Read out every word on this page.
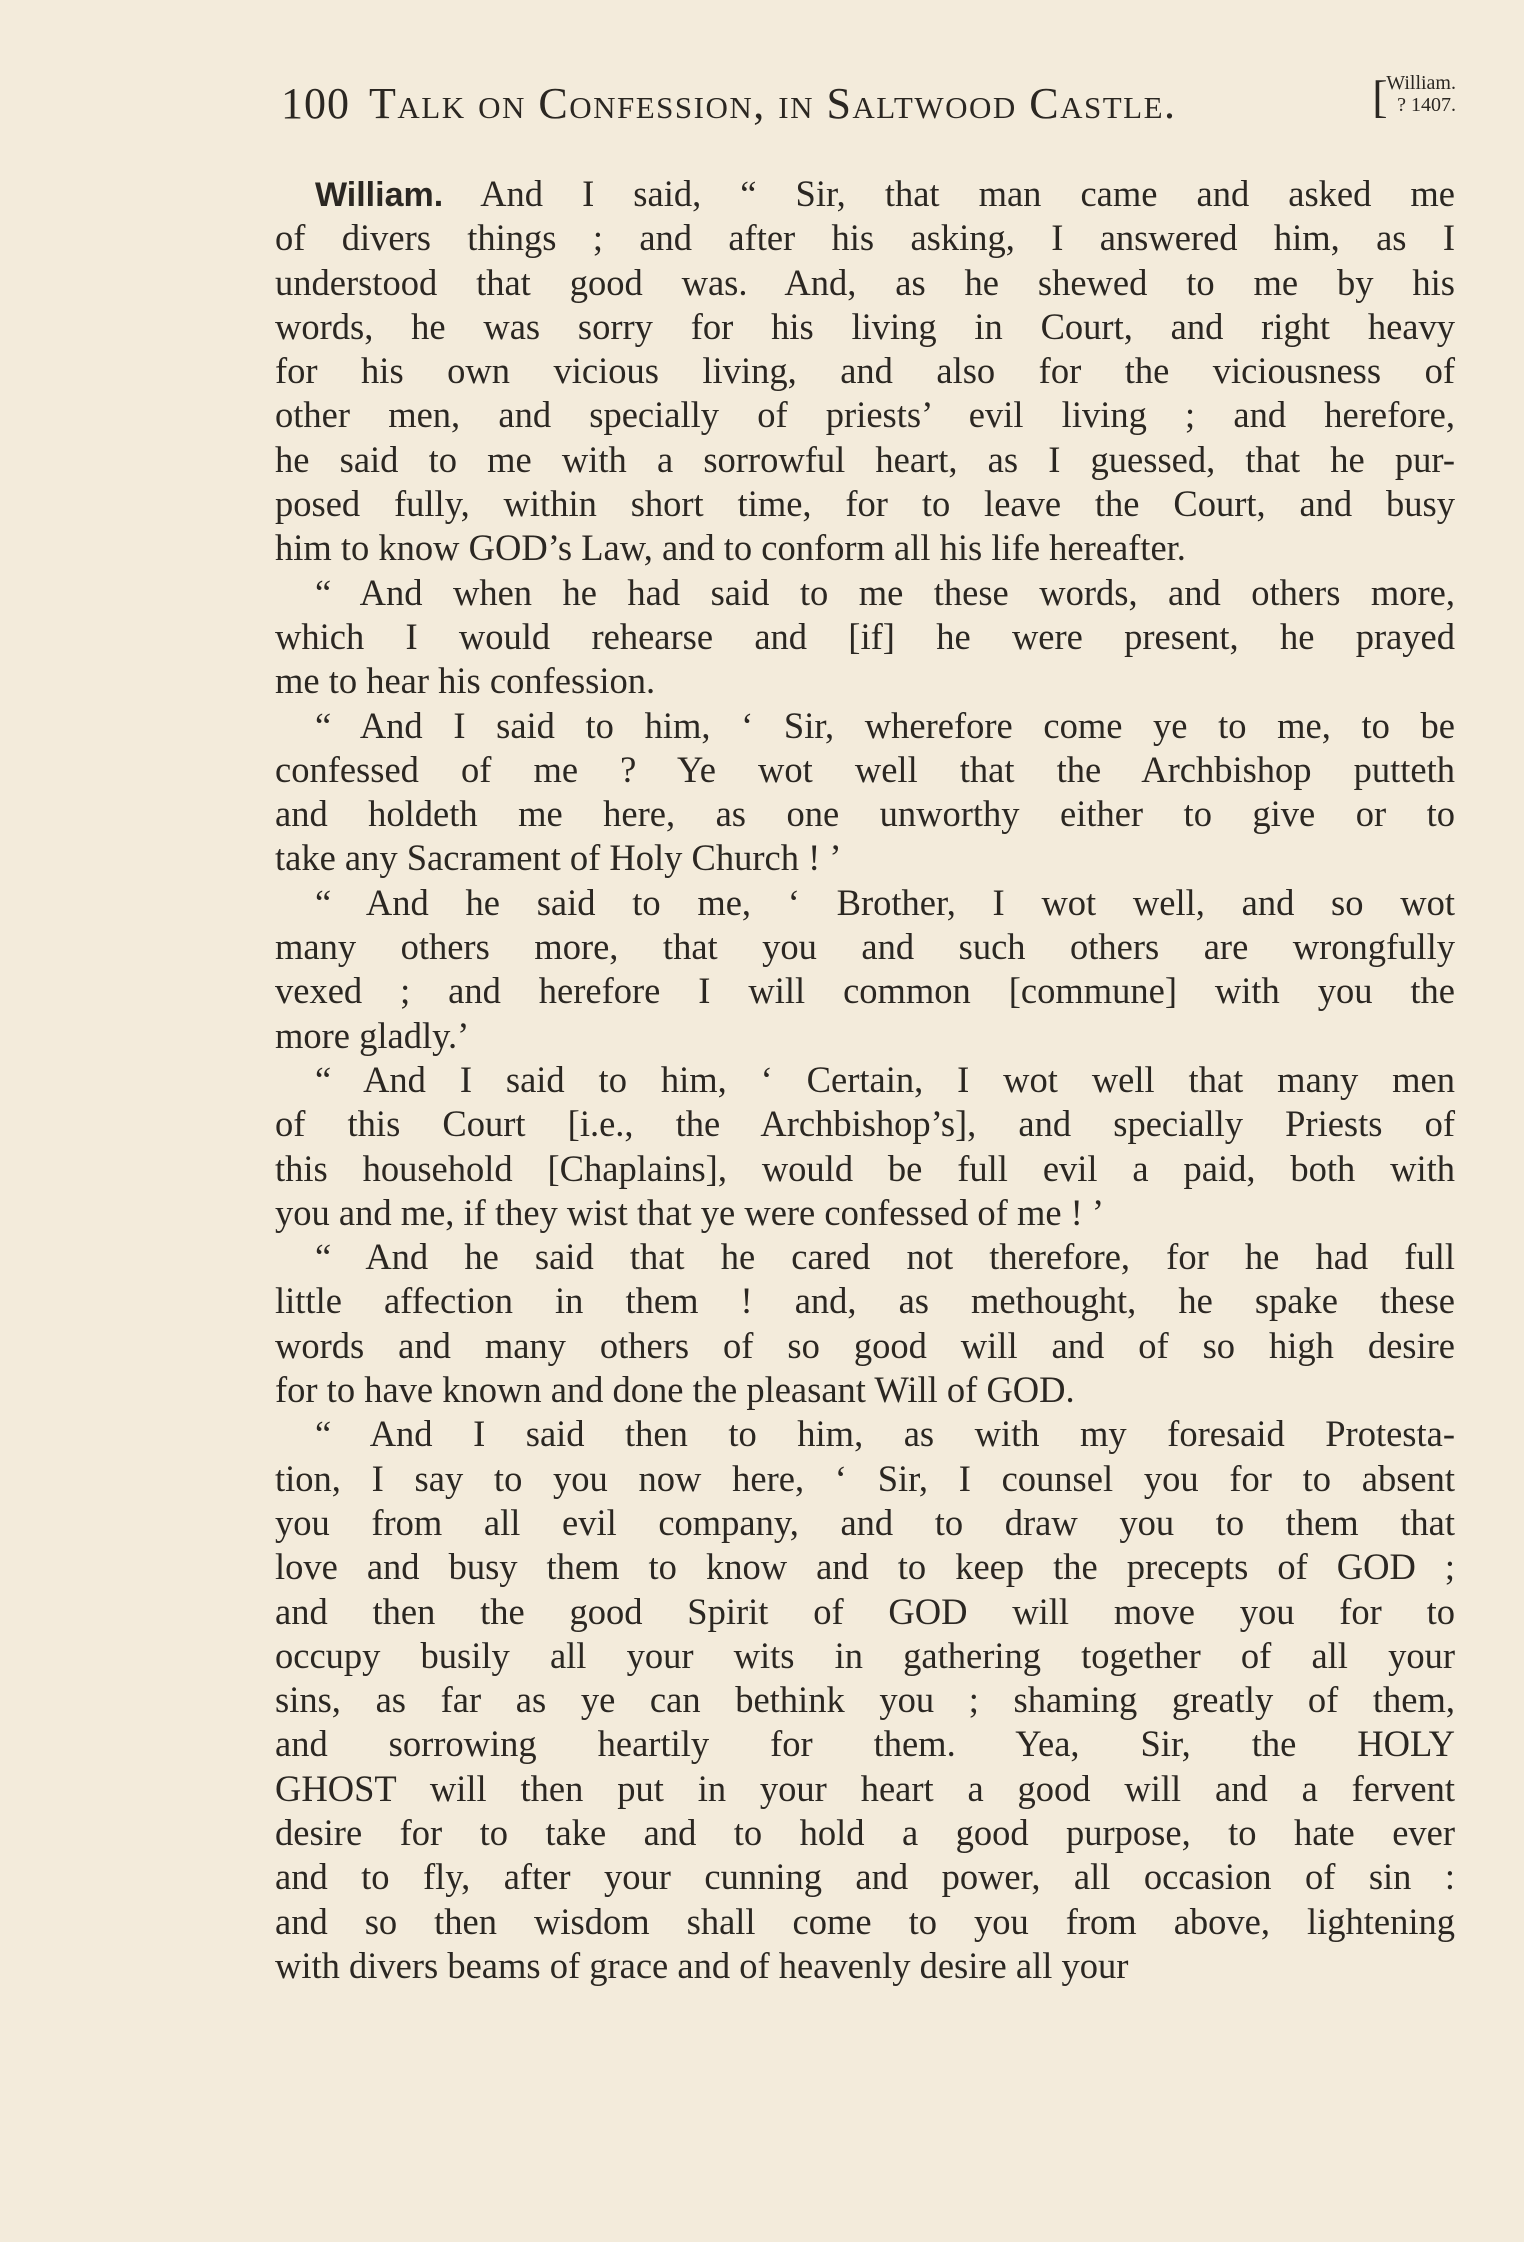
100 Talk on Confession, in Saltwood Castle.	[
William.
? 1407.
William. And I said, “ Sir, that man came and asked me
of divers things ; and after his asking, I answered him, as I
understood that good was. And, as he shewed to me by his
words, he was sorry for his living in Court, and right heavy
for his own vicious living, and also for the viciousness of
other men, and specially of priests’ evil living ; and herefore,
he said to me with a sorrowful heart, as I guessed, that he pur-
posed fully, within short time, for to leave the Court, and busy
him to know GOD’s Law, and to conform all his life hereafter.
“ And when he had said to me these words, and others more,
which I would rehearse and [if] he were present, he prayed
me to hear his confession.
“ And I said to him, ‘ Sir, wherefore come ye to me, to be
confessed of me ? Ye wot well that the Archbishop putteth
and holdeth me here, as one unworthy either to give or to
take any Sacrament of Holy Church ! ’
“ And he said to me, ‘ Brother, I wot well, and so wot
many others more, that you and such others are wrongfully
vexed ; and herefore I will common [commune] with you the
more gladly.’
“ And I said to him, ‘ Certain, I wot well that many men
of this Court [i.e., the Archbishop’s], and specially Priests of
this household [Chaplains], would be full evil a paid, both with
you and me, if they wist that ye were confessed of me ! ’
“ And he said that he cared not therefore, for he had full
little affection in them ! and, as methought, he spake these
words and many others of so good will and of so high desire
for to have known and done the pleasant Will of GOD.
“ And I said then to him, as with my foresaid Protesta-
tion, I say to you now here, ‘ Sir, I counsel you for to absent
you from all evil company, and to draw you to them that
love and busy them to know and to keep the precepts of GOD ;
and then the good Spirit of GOD will move you for to
occupy busily all your wits in gathering together of all your
sins, as far as ye can bethink you ; shaming greatly of them,
and sorrowing heartily for them. Yea, Sir, the HOLY
GHOST will then put in your heart a good will and a fervent
desire for to take and to hold a good purpose, to hate ever
and to fly, after your cunning and power, all occasion of sin :
and so then wisdom shall come to you from above, lightening
with divers beams of grace and of heavenly desire all your
